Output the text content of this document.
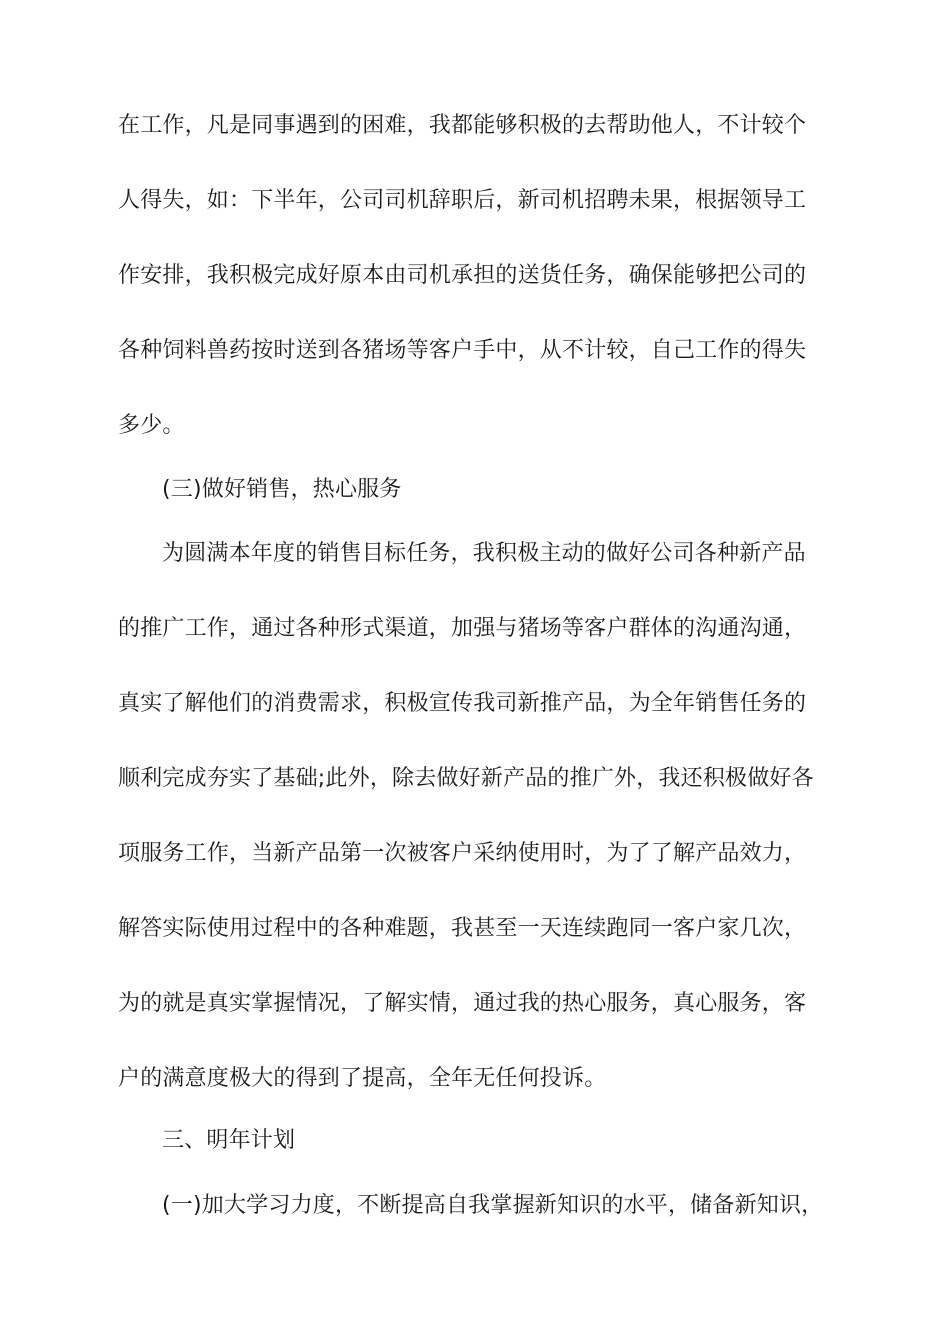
在工作，凡是同事遇到的困难，我都能够积极的去帮助他人，不计较个
人得失，如：下半年，公司司机辞职后，新司机招聘未果，根据领导工
作安排，我积极完成好原本由司机承担的送货任务，确保能够把公司的
各种饲料兽药按时送到各猪场等客户手中，从不计较，自己工作的得失
多少。
(三)做好销售，热心服务
为圆满本年度的销售目标任务，我积极主动的做好公司各种新产品
的推广工作，通过各种形式渠道，加强与猪场等客户群体的沟通沟通，
真实了解他们的消费需求，积极宣传我司新推产品，为全年销售任务的
顺利完成夯实了基础;此外，除去做好新产品的推广外，我还积极做好各
项服务工作，当新产品第一次被客户采纳使用时，为了了解产品效力，
解答实际使用过程中的各种难题，我甚至一天连续跑同一客户家几次，
为的就是真实掌握情况，了解实情，通过我的热心服务，真心服务，客
户的满意度极大的得到了提高，全年无任何投诉。
三、明年计划
(一)加大学习力度，不断提高自我掌握新知识的水平，储备新知识，
